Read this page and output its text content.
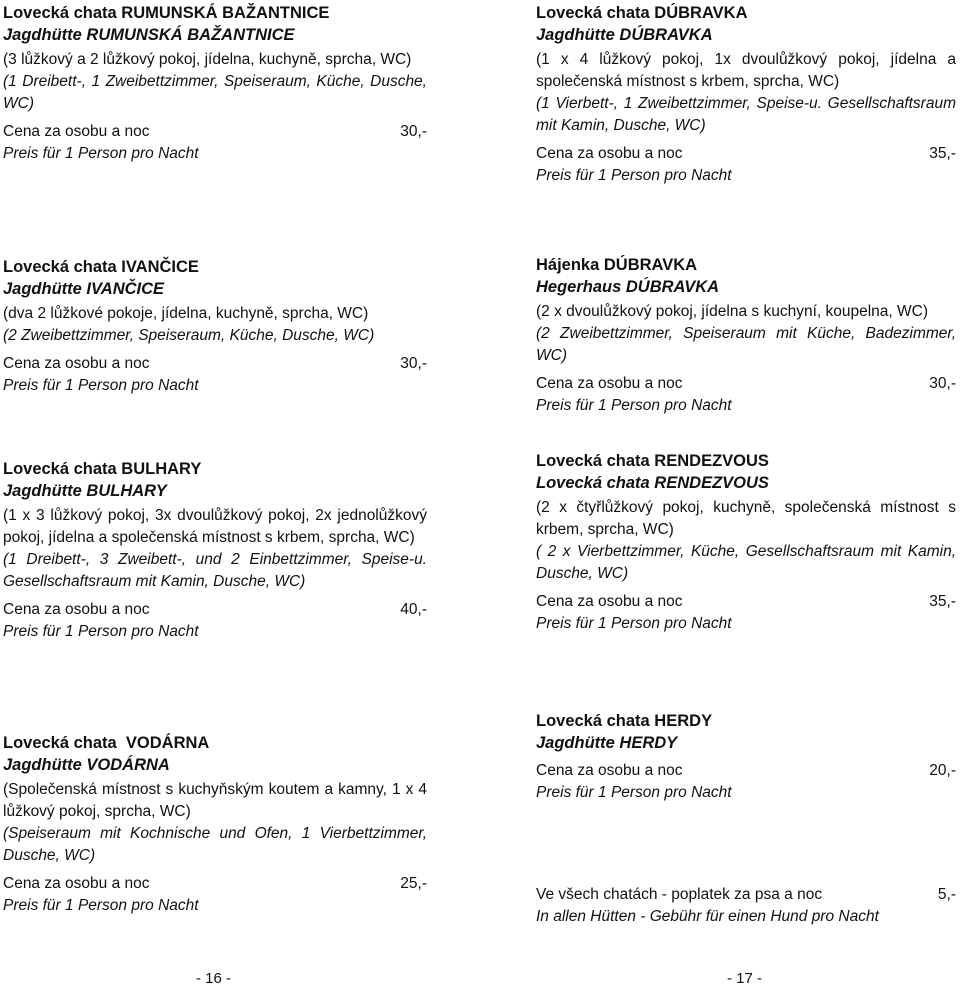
Lovecká chata RUMUNSKÁ BAŽANTNICE

Jagdhütte RUMUNSKÁ BAŽANTNICE

(3 lůžkový a 2 lůžkový pokoj, jídelna, kuchyně, sprcha, WC)

(1 Dreibett-, 1 Zweibettzimmer, Speiseraum, Küche, Dusche, WC)

Cena za osobu a noc	30,-

Preis für 1 Person pro Nacht

Lovecká chata IVANČICE

Jagdhütte IVANČICE

(dva 2 lůžkové pokoje, jídelna, kuchyně, sprcha, WC)

(2 Zweibettzimmer, Speiseraum, Küche, Dusche, WC)

Cena za osobu a noc	30,-

Preis für 1 Person pro Nacht

Lovecká chata BULHARY

Jagdhütte BULHARY

(1 x 3 lůžkový pokoj, 3x dvoulůžkový pokoj, 2x jednolůžkový pokoj, jídelna a společenská místnost s krbem, sprcha, WC)

(1 Dreibett-, 3 Zweibett-, und 2 Einbettzimmer, Speise-u. Gesellschaftsraum mit Kamin, Dusche, WC)

Cena za osobu a noc	40,-

Preis für 1 Person pro Nacht

Lovecká chata  VODÁRNA

Jagdhütte VODÁRNA

(Společenská místnost s kuchyňským koutem a kamny, 1 x 4 lůžkový pokoj, sprcha, WC)

(Speiseraum mit Kochnische und Ofen, 1 Vierbettzimmer, Dusche, WC)

Cena za osobu a noc	25,-

Preis für 1 Person pro Nacht

Lovecká chata DÚBRAVKA

Jagdhütte DÚBRAVKA

(1 x 4 lůžkový pokoj, 1x dvoulůžkový pokoj, jídelna a společenská místnost s krbem, sprcha, WC)

(1 Vierbett-, 1 Zweibettzimmer, Speise-u. Gesellschaftsraum mit Kamin, Dusche, WC)

Cena za osobu a noc	35,-

Preis für 1 Person pro Nacht

Hájenka DÚBRAVKA

Hegerhaus DÚBRAVKA

(2 x dvoulůžkový pokoj, jídelna s kuchyní, koupelna, WC)

(2 Zweibettzimmer, Speiseraum mit Küche, Badezimmer, WC)

Cena za osobu a noc	30,-

Preis für 1 Person pro Nacht

Lovecká chata RENDEZVOUS

Lovecká chata RENDEZVOUS

(2 x čtyřlůžkový pokoj, kuchyně, společenská místnost s krbem, sprcha, WC)

( 2 x Vierbettzimmer, Küche, Gesellschaftsraum mit Kamin, Dusche, WC)

Cena za osobu a noc	35,-

Preis für 1 Person pro Nacht

Lovecká chata HERDY

Jagdhütte HERDY

Cena za osobu a noc	20,-

Preis für 1 Person pro Nacht

Ve všech chatách - poplatek za psa a noc	5,-

In allen Hütten - Gebühr für einen Hund pro Nacht

- 16 -	- 17 -
